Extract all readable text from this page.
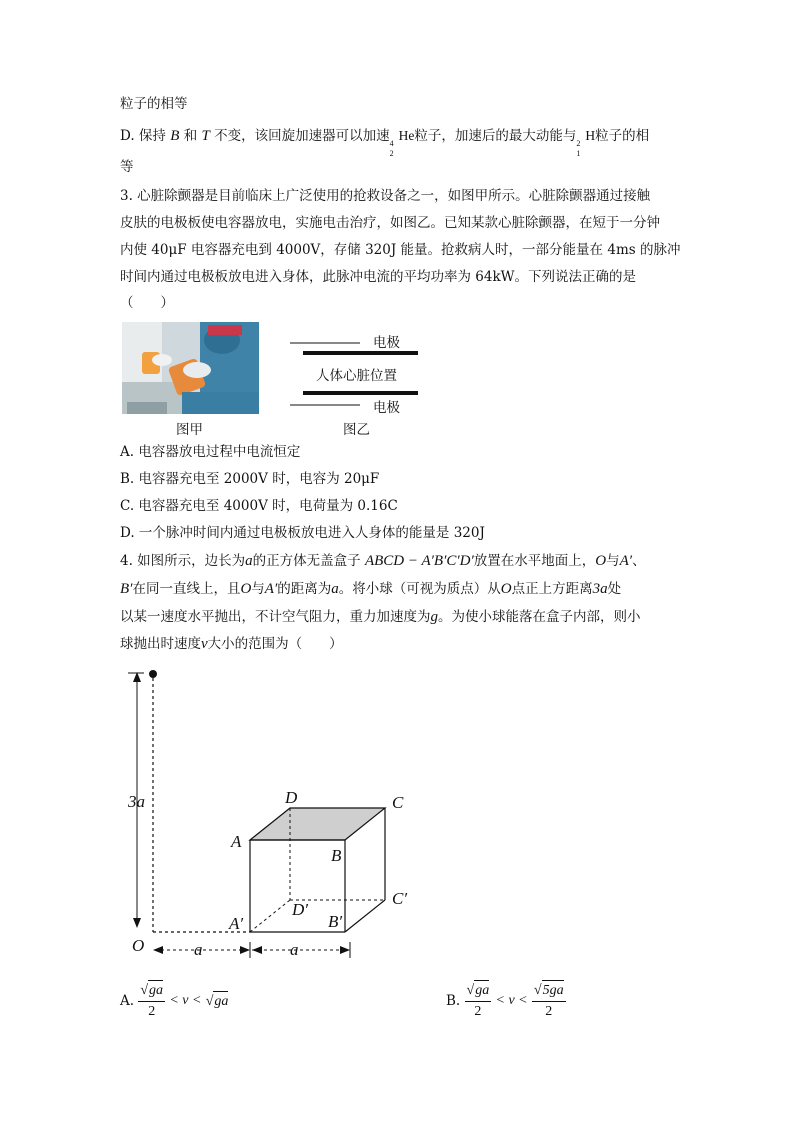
粒子的相等
D. 保持 B 和 T 不变，该回旋加速器可以加速 4
2
He粒子，加速后的最大动能与 2
1
H粒子的相
等
3. 心脏除颤器是目前临床上广泛使用的抢救设备之一，如图甲所示。心脏除颤器通过接触
皮肤的电极板使电容器放电，实施电击治疗，如图乙。已知某款心脏除颤器，在短于一分钟
内使 40μF 电容器充电到 4000V，存储 320J 能量。抢救病人时，一部分能量在 4ms 的脉冲
时间内通过电极板放电进入身体，此脉冲电流的平均功率为 64kW。下列说法正确的是
（　　）
电极
人体心脏位置
电极
图甲	图乙
A. 电容器放电过程中电流恒定
B. 电容器充电至 2000V 时，电容为 20μF
C. 电容器充电至 4000V 时，电荷量为 0.16C
D. 一个脉冲时间内通过电极板放电进入人身体的能量是 320J
4. 如图所示，边长为a的正方体无盖盒子 ABCD − A′B′C′D′放置在水平地面上，O与A′、
B′在同一直线上，且O与A′的距离为a。将小球（可视为质点）从O点正上方距离3a处
以某一速度水平抛出，不计空气阻力，重力加速度为g。为使小球能落在盒子内部，则小
球抛出时速度v大小的范围为（　　）
3a
O	a	a
A
D	C
B
A′
D′
C′
B′
A. $\frac{√ga}{2} < v < √ga$	B. $\frac{√ga}{2} < v < \frac{√5ga}{2}$
